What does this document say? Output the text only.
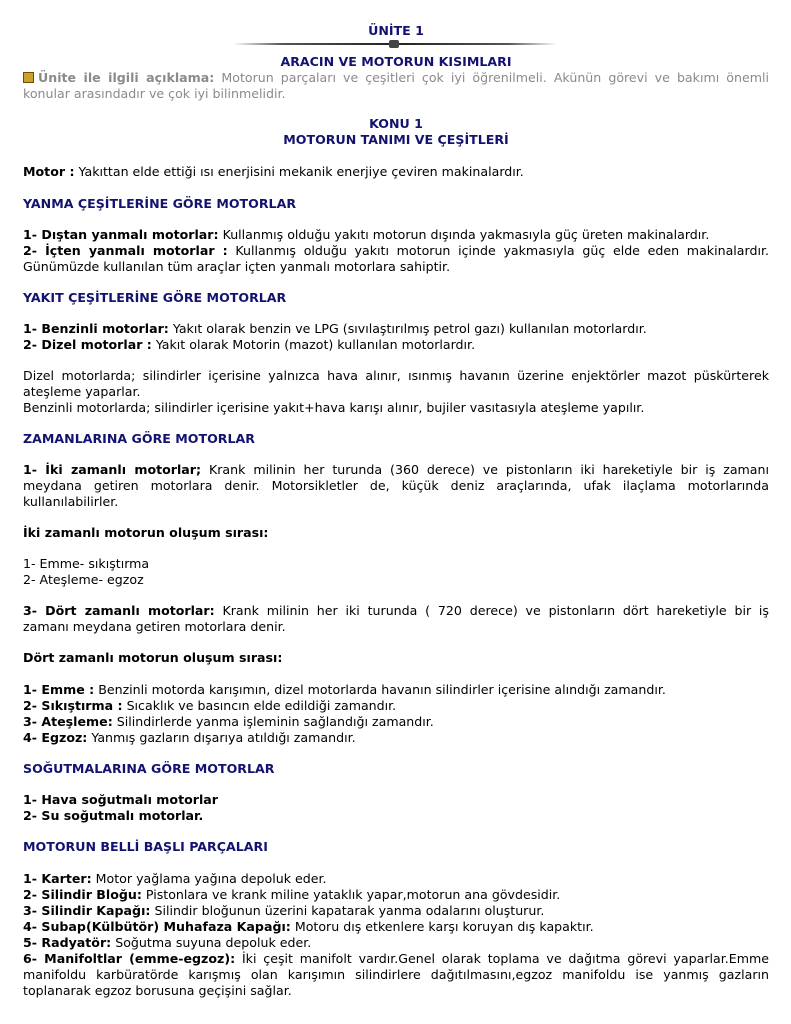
ÜNİTE 1
ARACIN VE MOTORUN KISIMLARI
Ünite ile ilgili açıklama: Motorun parçaları ve çeşitleri çok iyi öğrenilmeli. Akünün görevi ve bakımı önemli
konular arasındadır ve çok iyi bilinmelidir.
KONU 1
MOTORUN TANIMI VE ÇEŞİTLERİ
Motor : Yakıttan elde ettiği ısı enerjisini mekanik enerjiye çeviren makinalardır.
YANMA ÇEŞİTLERİNE GÖRE MOTORLAR
1- Dıştan yanmalı motorlar: Kullanmış olduğu yakıtı motorun dışında yakmasıyla güç üreten makinalardır.
2- İçten yanmalı motorlar : Kullanmış olduğu yakıtı motorun içinde yakmasıyla güç elde eden makinalardır.
Günümüzde kullanılan tüm araçlar içten yanmalı motorlara sahiptir.
YAKIT ÇEŞİTLERİNE GÖRE MOTORLAR
1- Benzinli motorlar: Yakıt olarak benzin ve LPG (sıvılaştırılmış petrol gazı) kullanılan motorlardır.
2- Dizel motorlar : Yakıt olarak Motorin (mazot) kullanılan motorlardır.
Dizel motorlarda; silindirler içerisine yalnızca hava alınır, ısınmış havanın üzerine enjektörler mazot püskürterek
ateşleme yaparlar.
Benzinli motorlarda; silindirler içerisine yakıt+hava karışı alınır, bujiler vasıtasıyla ateşleme yapılır.
ZAMANLARINA GÖRE MOTORLAR
1- İki zamanlı motorlar; Krank milinin her turunda (360 derece) ve pistonların iki hareketiyle bir iş zamanı
meydana getiren motorlara denir. Motorsikletler de, küçük deniz araçlarında, ufak ilaçlama motorlarında
kullanılabilirler.
İki zamanlı motorun oluşum sırası:
1- Emme- sıkıştırma
2- Ateşleme- egzoz
3- Dört zamanlı motorlar: Krank milinin her iki turunda ( 720 derece) ve pistonların dört hareketiyle bir iş
zamanı meydana getiren motorlara denir.
Dört zamanlı motorun oluşum sırası:
1- Emme : Benzinli motorda karışımın, dizel motorlarda havanın silindirler içerisine alındığı zamandır.
2- Sıkıştırma : Sıcaklık ve basıncın elde edildiği zamandır.
3- Ateşleme: Silindirlerde yanma işleminin sağlandığı zamandır.
4- Egzoz: Yanmış gazların dışarıya atıldığı zamandır.
SOĞUTMALARINA GÖRE MOTORLAR
1- Hava soğutmalı motorlar
2- Su soğutmalı motorlar.
MOTORUN BELLİ BAŞLI PARÇALARI
1- Karter: Motor yağlama yağına depoluk eder.
2- Silindir Bloğu: Pistonlara ve krank miline yataklık yapar,motorun ana gövdesidir.
3- Silindir Kapağı: Silindir bloğunun üzerini kapatarak yanma odalarını oluşturur.
4- Subap(Külbütör) Muhafaza Kapağı: Motoru dış etkenlere karşı koruyan dış kapaktır.
5- Radyatör: Soğutma suyuna depoluk eder.
6- Manifoltlar (emme-egzoz): İki çeşit manifolt vardır.Genel olarak toplama ve dağıtma görevi yaparlar.Emme
manifoldu karbüratörde karışmış olan karışımın silindirlere dağıtılmasını,egzoz manifoldu ise yanmış gazların
toplanarak egzoz borusuna geçişini sağlar.
